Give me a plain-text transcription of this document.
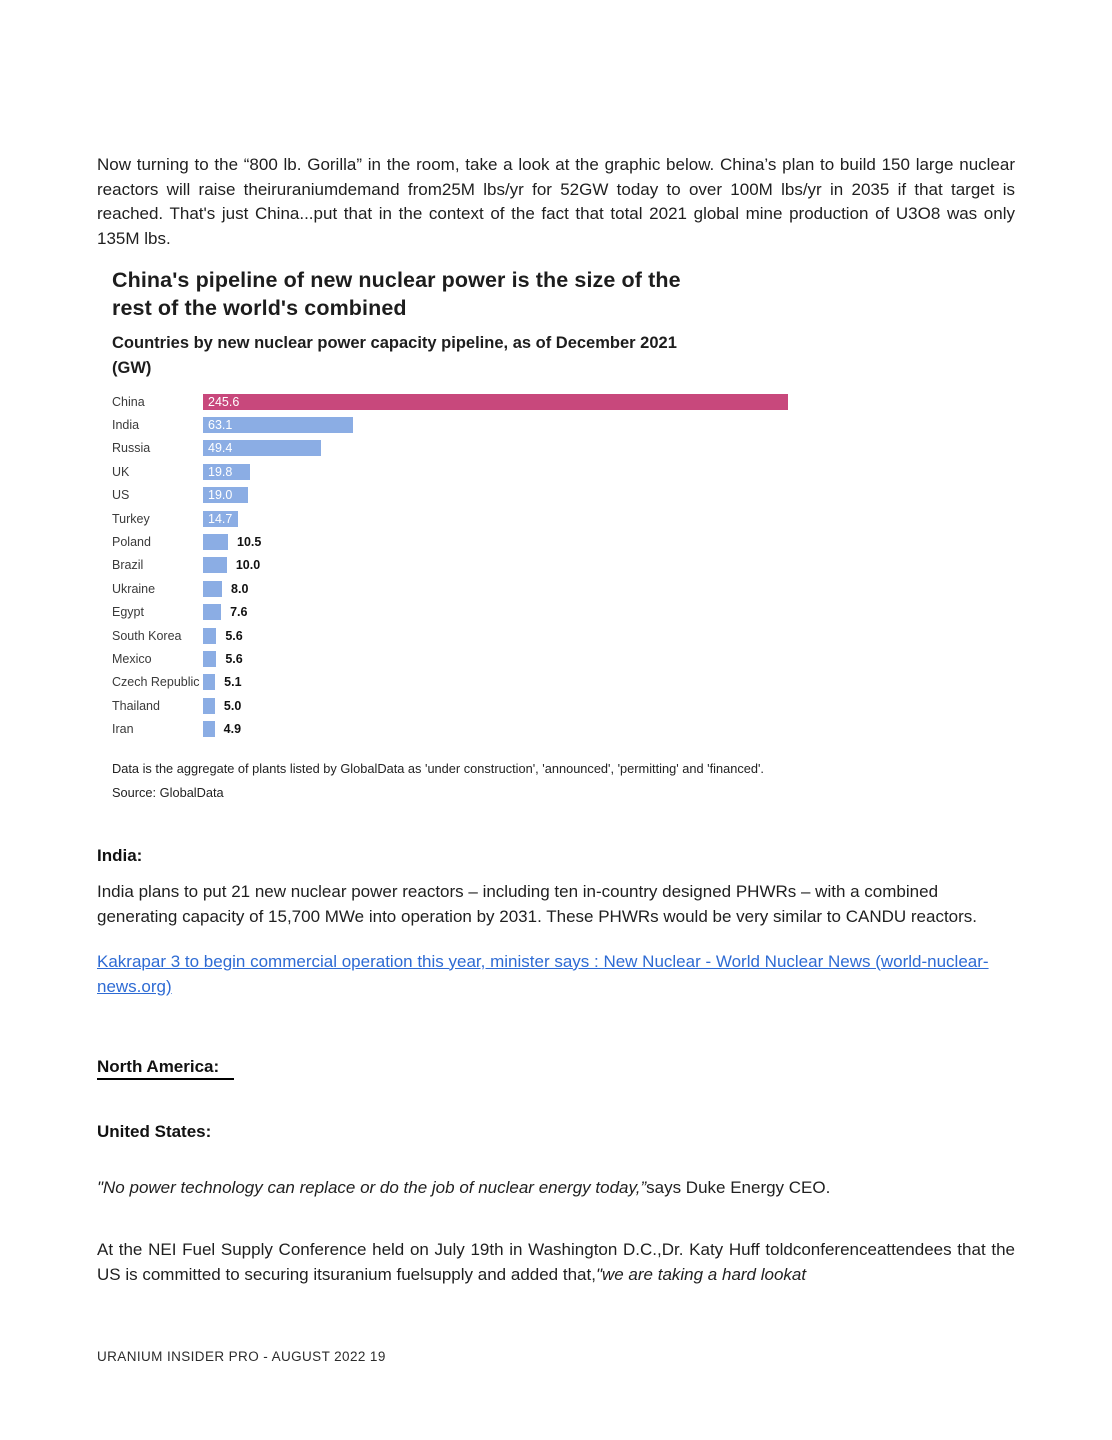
Now turning to the “800 lb. Gorilla” in the room, take a look at the graphic below. China’s plan to build 150 large nuclear reactors will raise theiruraniumdemand from25M lbs/yr for 52GW today to over 100M lbs/yr in 2035 if that target is reached. That's just China...put that in the context of the fact that total 2021 global mine production of U3O8 was only 135M lbs.

China's pipeline of new nuclear power is the size of the
rest of the world's combined
Countries by new nuclear power capacity pipeline, as of December 2021
(GW)
China	245.6
India	63.1
Russia	49.4
UK	19.8
US	19.0
Turkey	14.7
Poland	10.5
Brazil	10.0
Ukraine	8.0
Egypt	7.6
South Korea	5.6
Mexico	5.6
Czech Republic 5.1
Thailand	5.0
Iran	4.9
Data is the aggregate of plants listed by GlobalData as 'under construction', 'announced', 'permitting' and 'financed'.
Source: GlobalData
India:

India plans to put 21 new nuclear power reactors – including ten in-country designed PHWRs – with a combined generating capacity of 15,700 MWe into operation by 2031. These PHWRs would be very similar to CANDU reactors.

Kakrapar 3 to begin commercial operation this year, minister says : New Nuclear - World Nuclear News (world-nuclear-news.org)
North America:
United States:

"No power technology can replace or do the job of nuclear energy today,”says Duke Energy CEO.

At the NEI Fuel Supply Conference held on July 19th in Washington D.C.,Dr. Katy Huff toldconferenceattendees that the US is committed to securing itsuranium fuelsupply and added that,"we are taking a hard lookat

URANIUM INSIDER PRO - AUGUST 2022 19
